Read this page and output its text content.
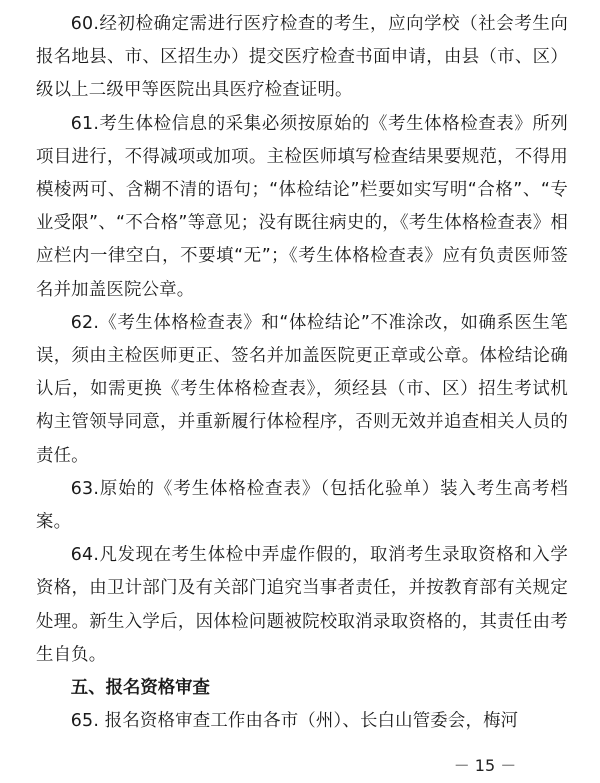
60.经初检确定需进行医疗检查的考生，应向学校（社会考生向报名地县、市、区招生办）提交医疗检查书面申请，由县（市、区）级以上二级甲等医院出具医疗检查证明。

61.考生体检信息的采集必须按原始的《考生体格检查表》所列项目进行，不得减项或加项。主检医师填写检查结果要规范，不得用模棱两可、含糊不清的语句；“体检结论”栏要如实写明“合格”、“专业受限”、“不合格”等意见；没有既往病史的，《考生体格检查表》相应栏内一律空白，不要填“无”；《考生体格检查表》应有负责医师签名并加盖医院公章。

62.《考生体格检查表》和“体检结论”不准涂改，如确系医生笔误，须由主检医师更正、签名并加盖医院更正章或公章。体检结论确认后，如需更换《考生体格检查表》，须经县（市、区）招生考试机构主管领导同意，并重新履行体检程序，否则无效并追查相关人员的责任。

63.原始的《考生体格检查表》（包括化验单）装入考生高考档案。

64.凡发现在考生体检中弄虚作假的，取消考生录取资格和入学资格，由卫计部门及有关部门追究当事者责任，并按教育部有关规定处理。新生入学后，因体检问题被院校取消录取资格的，其责任由考生自负。

五、报名资格审查

65. 报名资格审查工作由各市（州）、长白山管委会，梅河

－ 15 －
